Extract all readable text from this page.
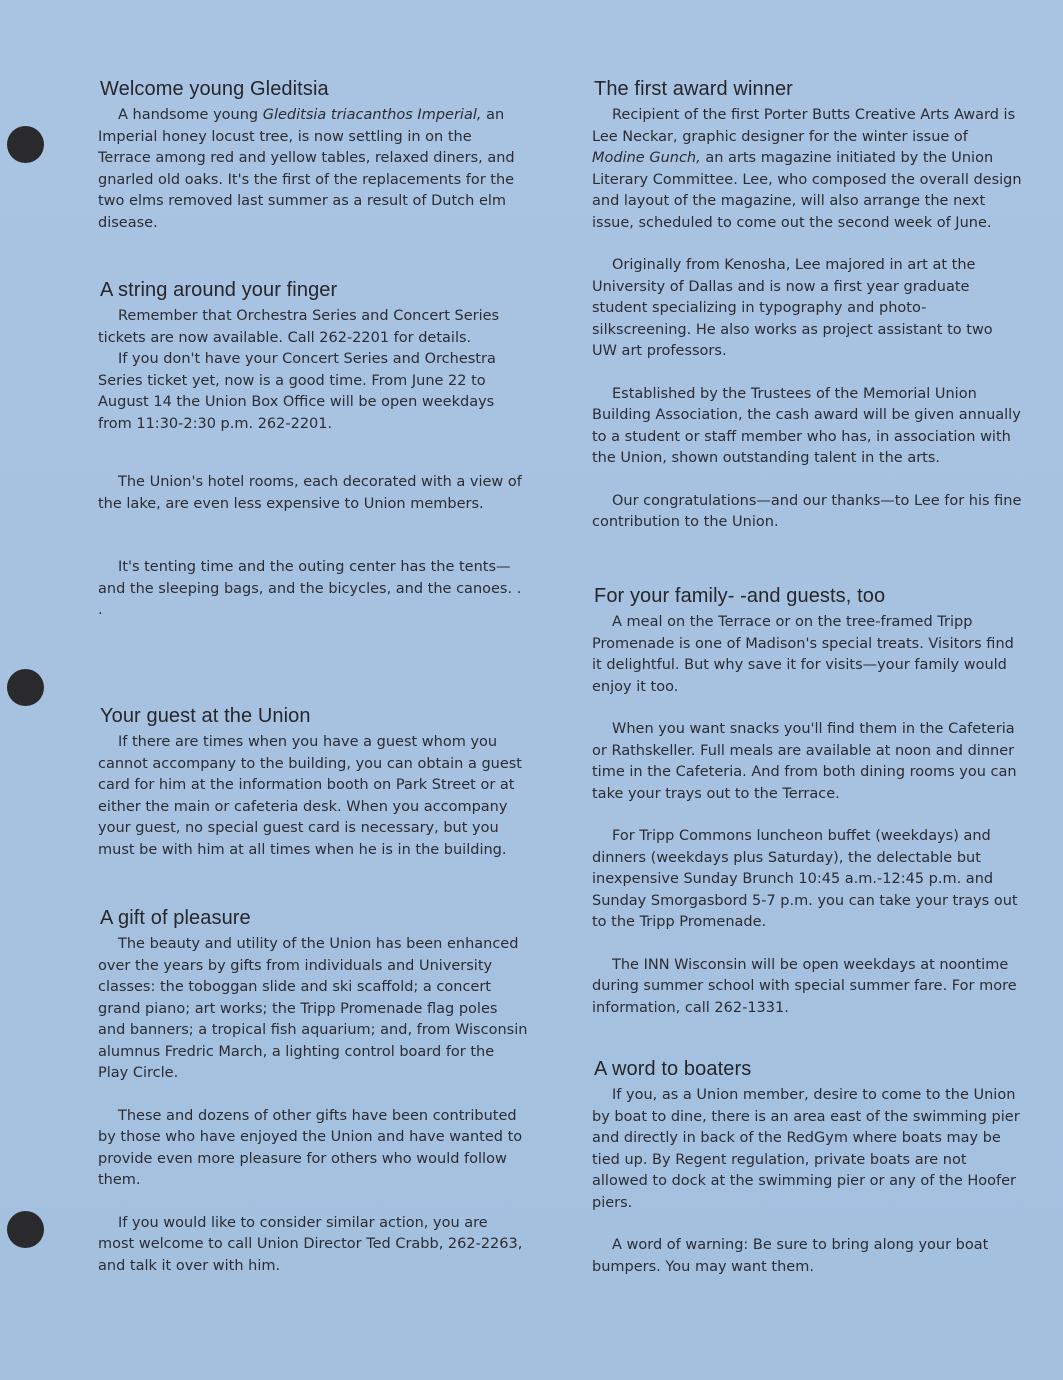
Welcome young Gleditsia

A handsome young Gleditsia triacanthos Imperial, an Imperial honey locust tree, is now settling in on the Terrace among red and yellow tables, relaxed diners, and gnarled old oaks. It's the first of the replacements for the two elms removed last summer as a result of Dutch elm disease.

A string around your finger

Remember that Orchestra Series and Concert Series tickets are now available. Call 262-2201 for details.

If you don't have your Concert Series and Orchestra Series ticket yet, now is a good time. From June 22 to August 14 the Union Box Office will be open weekdays from 11:30-2:30 p.m. 262-2201.

The Union's hotel rooms, each decorated with a view of the lake, are even less expensive to Union members.

It's tenting time and the outing center has the tents—and the sleeping bags, and the bicycles, and the canoes. . .

Your guest at the Union

If there are times when you have a guest whom you cannot accompany to the building, you can obtain a guest card for him at the information booth on Park Street or at either the main or cafeteria desk. When you accompany your guest, no special guest card is necessary, but you must be with him at all times when he is in the building.

A gift of pleasure

The beauty and utility of the Union has been enhanced over the years by gifts from individuals and University classes: the toboggan slide and ski scaffold; a concert grand piano; art works; the Tripp Promenade flag poles and banners; a tropical fish aquarium; and, from Wisconsin alumnus Fredric March, a lighting control board for the Play Circle.

These and dozens of other gifts have been contributed by those who have enjoyed the Union and have wanted to provide even more pleasure for others who would follow them.

If you would like to consider similar action, you are most welcome to call Union Director Ted Crabb, 262-2263, and talk it over with him.

The first award winner

Recipient of the first Porter Butts Creative Arts Award is Lee Neckar, graphic designer for the winter issue of Modine Gunch, an arts magazine initiated by the Union Literary Committee. Lee, who composed the overall design and layout of the magazine, will also arrange the next issue, scheduled to come out the second week of June.

Originally from Kenosha, Lee majored in art at the University of Dallas and is now a first year graduate student specializing in typography and photo-silkscreening. He also works as project assistant to two UW art professors.

Established by the Trustees of the Memorial Union Building Association, the cash award will be given annually to a student or staff member who has, in association with the Union, shown outstanding talent in the arts.

Our congratulations—and our thanks—to Lee for his fine contribution to the Union.

For your family- -and guests, too

A meal on the Terrace or on the tree-framed Tripp Promenade is one of Madison's special treats. Visitors find it delightful. But why save it for visits—your family would enjoy it too.

When you want snacks you'll find them in the Cafeteria or Rathskeller. Full meals are available at noon and dinner time in the Cafeteria. And from both dining rooms you can take your trays out to the Terrace.

For Tripp Commons luncheon buffet (weekdays) and dinners (weekdays plus Saturday), the delectable but inexpensive Sunday Brunch 10:45 a.m.-12:45 p.m. and Sunday Smorgasbord 5-7 p.m. you can take your trays out to the Tripp Promenade.

The INN Wisconsin will be open weekdays at noontime during summer school with special summer fare. For more information, call 262-1331.

A word to boaters

If you, as a Union member, desire to come to the Union by boat to dine, there is an area east of the swimming pier and directly in back of the RedGym where boats may be tied up. By Regent regulation, private boats are not allowed to dock at the swimming pier or any of the Hoofer piers.

A word of warning: Be sure to bring along your boat bumpers. You may want them.
